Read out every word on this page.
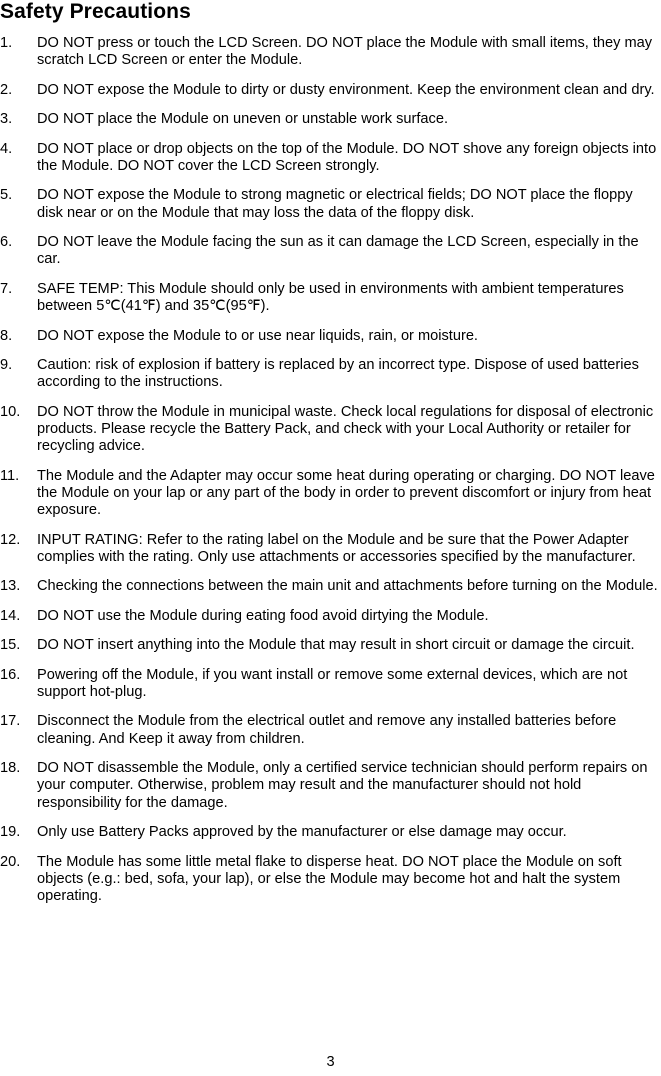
Safety Precautions
1. DO NOT press or touch the LCD Screen. DO NOT place the Module with small items, they may scratch LCD Screen or enter the Module.
2. DO NOT expose the Module to dirty or dusty environment. Keep the environment clean and dry.
3. DO NOT place the Module on uneven or unstable work surface.
4. DO NOT place or drop objects on the top of the Module. DO NOT shove any foreign objects into the Module. DO NOT cover the LCD Screen strongly.
5. DO NOT expose the Module to strong magnetic or electrical fields; DO NOT place the floppy disk near or on the Module that may loss the data of the floppy disk.
6. DO NOT leave the Module facing the sun as it can damage the LCD Screen, especially in the car.
7. SAFE TEMP: This Module should only be used in environments with ambient temperatures between 5℃(41℉) and 35℃(95℉).
8. DO NOT expose the Module to or use near liquids, rain, or moisture.
9. Caution: risk of explosion if battery is replaced by an incorrect type. Dispose of used batteries according to the instructions.
10. DO NOT throw the Module in municipal waste. Check local regulations for disposal of electronic products. Please recycle the Battery Pack, and check with your Local Authority or retailer for recycling advice.
11. The Module and the Adapter may occur some heat during operating or charging. DO NOT leave the Module on your lap or any part of the body in order to prevent discomfort or injury from heat exposure.
12. INPUT RATING: Refer to the rating label on the Module and be sure that the Power Adapter complies with the rating. Only use attachments or accessories specified by the manufacturer.
13. Checking the connections between the main unit and attachments before turning on the Module.
14. DO NOT use the Module during eating food avoid dirtying the Module.
15. DO NOT insert anything into the Module that may result in short circuit or damage the circuit.
16. Powering off the Module, if you want install or remove some external devices, which are not support hot-plug.
17. Disconnect the Module from the electrical outlet and remove any installed batteries before cleaning. And Keep it away from children.
18. DO NOT disassemble the Module, only a certified service technician should perform repairs on your computer. Otherwise, problem may result and the manufacturer should not hold responsibility for the damage.
19. Only use Battery Packs approved by the manufacturer or else damage may occur.
20. The Module has some little metal flake to disperse heat. DO NOT place the Module on soft objects (e.g.: bed, sofa, your lap), or else the Module may become hot and halt the system operating.
3
